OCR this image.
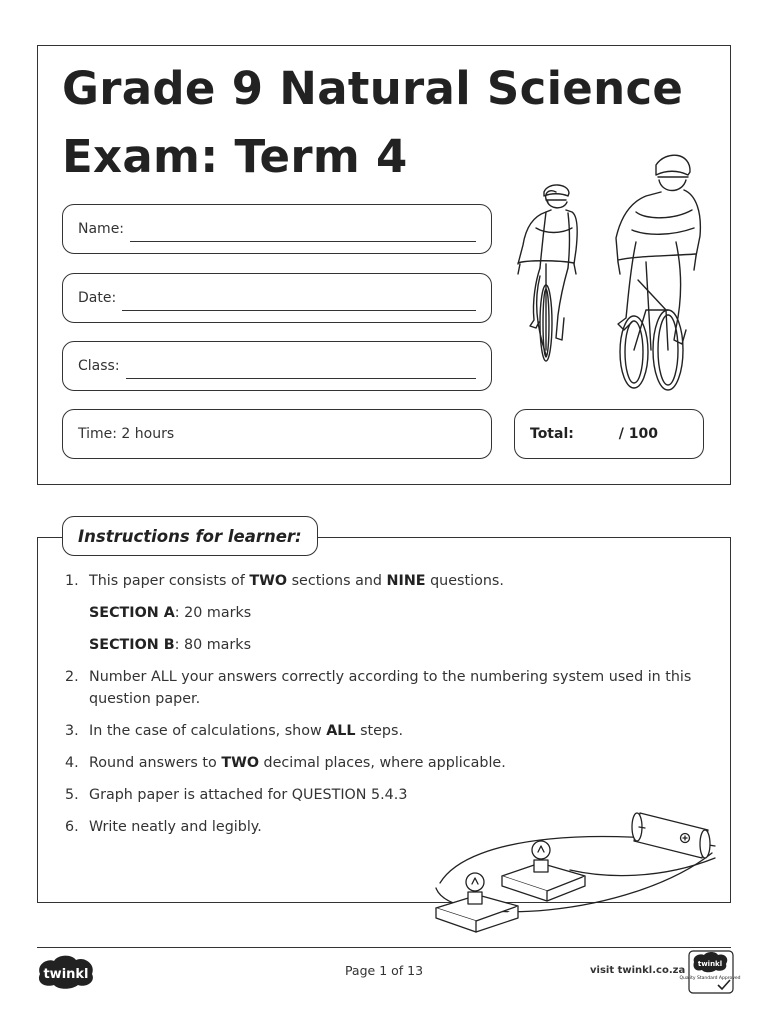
Grade 9 Natural Science
Exam: Term 4
Name:
Date:
Class:
Time: 2 hours	Total:	/ 100
Instructions for learner:
1. This paper consists of TWO sections and NINE questions.
SECTION A: 20 marks
SECTION B: 80 marks
2. Number ALL your answers correctly according to the numbering system used in this question paper.
3. In the case of calculations, show ALL steps.
4. Round answers to TWO decimal places, where applicable.
5. Graph paper is attached for QUESTION 5.4.3
6. Write neatly and legibly.
twinkl	Page 1 of 13	visit twinkl.co.za
twinkl
Quality Standard Approved
